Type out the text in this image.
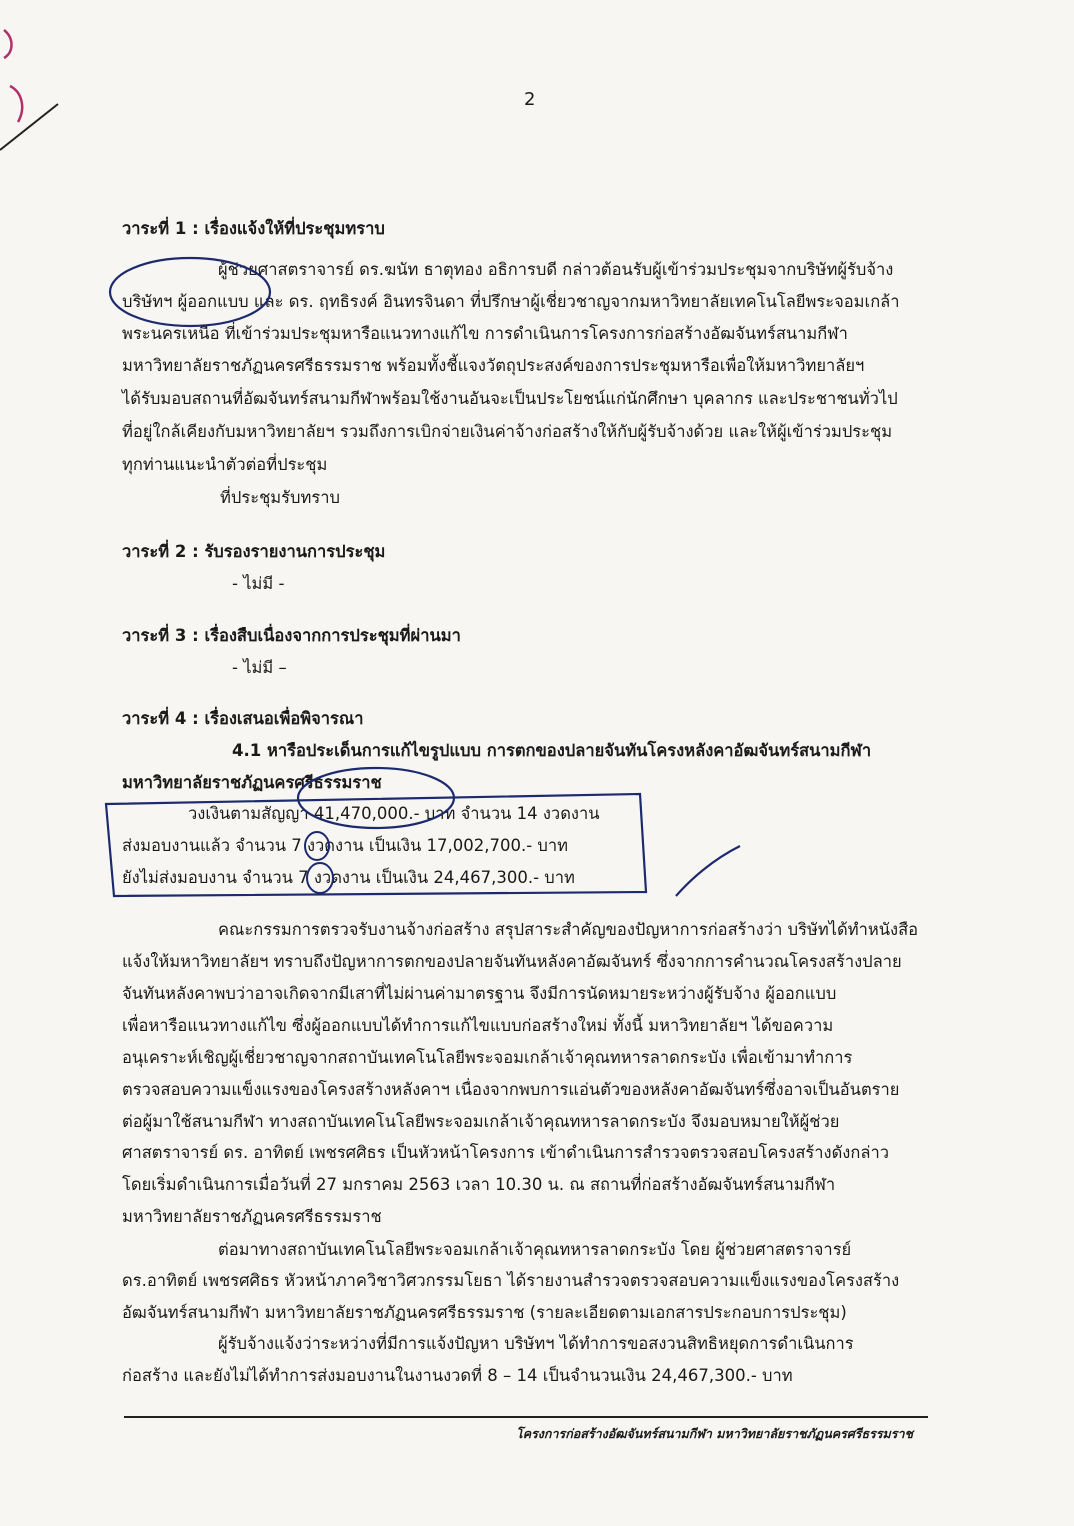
2
วาระที่ 1 : เรื่องแจ้งให้ที่ประชุมทราบ
ผู้ช่วยศาสตราจารย์ ดร.ฆนัท ธาตุทอง อธิการบดี กล่าวต้อนรับผู้เข้าร่วมประชุมจากบริษัทผู้รับจ้าง
บริษัทฯ ผู้ออกแบบ และ ดร. ฤทธิรงค์ อินทรจินดา ที่ปรึกษาผู้เชี่ยวชาญจากมหาวิทยาลัยเทคโนโลยีพระจอมเกล้า
พระนครเหนือ ที่เข้าร่วมประชุมหารือแนวทางแก้ไข การดำเนินการโครงการก่อสร้างอัฒจันทร์สนามกีฬา
มหาวิทยาลัยราชภัฏนครศรีธรรมราช พร้อมทั้งชี้แจงวัตถุประสงค์ของการประชุมหารือเพื่อให้มหาวิทยาลัยฯ
ได้รับมอบสถานที่อัฒจันทร์สนามกีฬาพร้อมใช้งานอันจะเป็นประโยชน์แก่นักศึกษา บุคลากร และประชาชนทั่วไป
ที่อยู่ใกล้เคียงกับมหาวิทยาลัยฯ รวมถึงการเบิกจ่ายเงินค่าจ้างก่อสร้างให้กับผู้รับจ้างด้วย และให้ผู้เข้าร่วมประชุม
ทุกท่านแนะนำตัวต่อที่ประชุม
ที่ประชุมรับทราบ
วาระที่ 2 : รับรองรายงานการประชุม
- ไม่มี -
วาระที่ 3 : เรื่องสืบเนื่องจากการประชุมที่ผ่านมา
- ไม่มี –
วาระที่ 4 : เรื่องเสนอเพื่อพิจารณา
4.1 หารือประเด็นการแก้ไขรูปแบบ การตกของปลายจันทันโครงหลังคาอัฒจันทร์สนามกีฬา
มหาวิทยาลัยราชภัฏนครศรีธรรมราช
วงเงินตามสัญญา 41,470,000.- บาท จำนวน 14 งวดงาน
ส่งมอบงานแล้ว จำนวน 7 งวดงาน เป็นเงิน 17,002,700.- บาท
ยังไม่ส่งมอบงาน จำนวน 7 งวดงาน เป็นเงิน 24,467,300.- บาท
คณะกรรมการตรวจรับงานจ้างก่อสร้าง สรุปสาระสำคัญของปัญหาการก่อสร้างว่า บริษัทได้ทำหนังสือ
แจ้งให้มหาวิทยาลัยฯ ทราบถึงปัญหาการตกของปลายจันทันหลังคาอัฒจันทร์ ซึ่งจากการคำนวณโครงสร้างปลาย
จันทันหลังคาพบว่าอาจเกิดจากมีเสาที่ไม่ผ่านค่ามาตรฐาน จึงมีการนัดหมายระหว่างผู้รับจ้าง ผู้ออกแบบ
เพื่อหารือแนวทางแก้ไข ซึ่งผู้ออกแบบได้ทำการแก้ไขแบบก่อสร้างใหม่ ทั้งนี้ มหาวิทยาลัยฯ ได้ขอความ
อนุเคราะห์เชิญผู้เชี่ยวชาญจากสถาบันเทคโนโลยีพระจอมเกล้าเจ้าคุณทหารลาดกระบัง เพื่อเข้ามาทำการ
ตรวจสอบความแข็งแรงของโครงสร้างหลังคาฯ เนื่องจากพบการแอ่นตัวของหลังคาอัฒจันทร์ซึ่งอาจเป็นอันตราย
ต่อผู้มาใช้สนามกีฬา ทางสถาบันเทคโนโลยีพระจอมเกล้าเจ้าคุณทหารลาดกระบัง จึงมอบหมายให้ผู้ช่วย
ศาสตราจารย์ ดร. อาทิตย์ เพชรศศิธร เป็นหัวหน้าโครงการ เข้าดำเนินการสำรวจตรวจสอบโครงสร้างดังกล่าว
โดยเริ่มดำเนินการเมื่อวันที่ 27 มกราคม 2563 เวลา 10.30 น. ณ สถานที่ก่อสร้างอัฒจันทร์สนามกีฬา
มหาวิทยาลัยราชภัฏนครศรีธรรมราช
ต่อมาทางสถาบันเทคโนโลยีพระจอมเกล้าเจ้าคุณทหารลาดกระบัง โดย ผู้ช่วยศาสตราจารย์
ดร.อาทิตย์ เพชรศศิธร หัวหน้าภาควิชาวิศวกรรมโยธา ได้รายงานสำรวจตรวจสอบความแข็งแรงของโครงสร้าง
อัฒจันทร์สนามกีฬา มหาวิทยาลัยราชภัฏนครศรีธรรมราช (รายละเอียดตามเอกสารประกอบการประชุม)
ผู้รับจ้างแจ้งว่าระหว่างที่มีการแจ้งปัญหา บริษัทฯ ได้ทำการขอสงวนสิทธิหยุดการดำเนินการ
ก่อสร้าง และยังไม่ได้ทำการส่งมอบงานในงานงวดที่ 8 – 14 เป็นจำนวนเงิน 24,467,300.- บาท
โครงการก่อสร้างอัฒจันทร์สนามกีฬา มหาวิทยาลัยราชภัฏนครศรีธรรมราช
